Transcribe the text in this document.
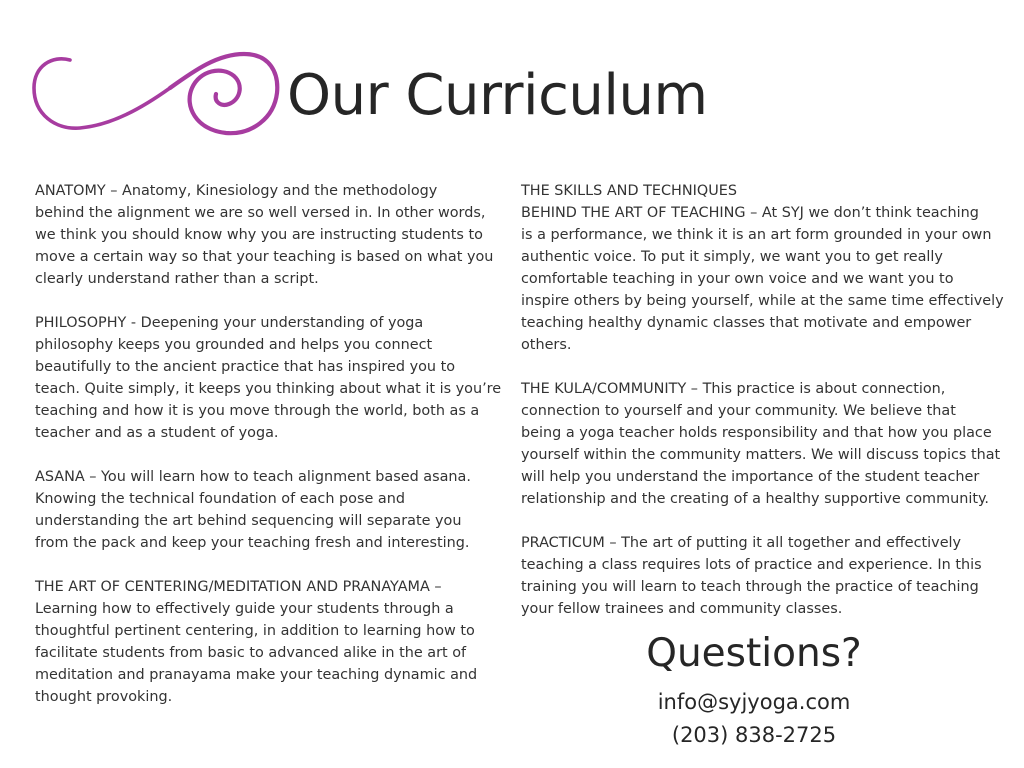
Our Curriculum

ANATOMY – Anatomy, Kinesiology and the methodology
behind the alignment we are so well versed in. In other words,
we think you should know why you are instructing students to
move a certain way so that your teaching is based on what you
clearly understand rather than a script.

PHILOSOPHY - Deepening your understanding of yoga
philosophy keeps you grounded and helps you connect
beautifully to the ancient practice that has inspired you to
teach. Quite simply, it keeps you thinking about what it is you’re
teaching and how it is you move through the world, both as a
teacher and as a student of yoga.

ASANA – You will learn how to teach alignment based asana.
Knowing the technical foundation of each pose and
understanding the art behind sequencing will separate you
from the pack and keep your teaching fresh and interesting.

THE ART OF CENTERING/MEDITATION AND PRANAYAMA –
Learning how to effectively guide your students through a
thoughtful pertinent centering, in addition to learning how to
facilitate students from basic to advanced alike in the art of
meditation and pranayama make your teaching dynamic and
thought provoking.

THE SKILLS AND TECHNIQUES
BEHIND THE ART OF TEACHING – At SYJ we don’t think teaching
is a performance, we think it is an art form grounded in your own
authentic voice. To put it simply, we want you to get really
comfortable teaching in your own voice and we want you to
inspire others by being yourself, while at the same time effectively
teaching healthy dynamic classes that motivate and empower
others.

THE KULA/COMMUNITY – This practice is about connection,
connection to yourself and your community. We believe that
being a yoga teacher holds responsibility and that how you place
yourself within the community matters. We will discuss topics that
will help you understand the importance of the student teacher
relationship and the creating of a healthy supportive community.

PRACTICUM – The art of putting it all together and effectively
teaching a class requires lots of practice and experience. In this
training you will learn to teach through the practice of teaching
your fellow trainees and community classes.

Questions?
info@syjyoga.com
(203) 838-2725
